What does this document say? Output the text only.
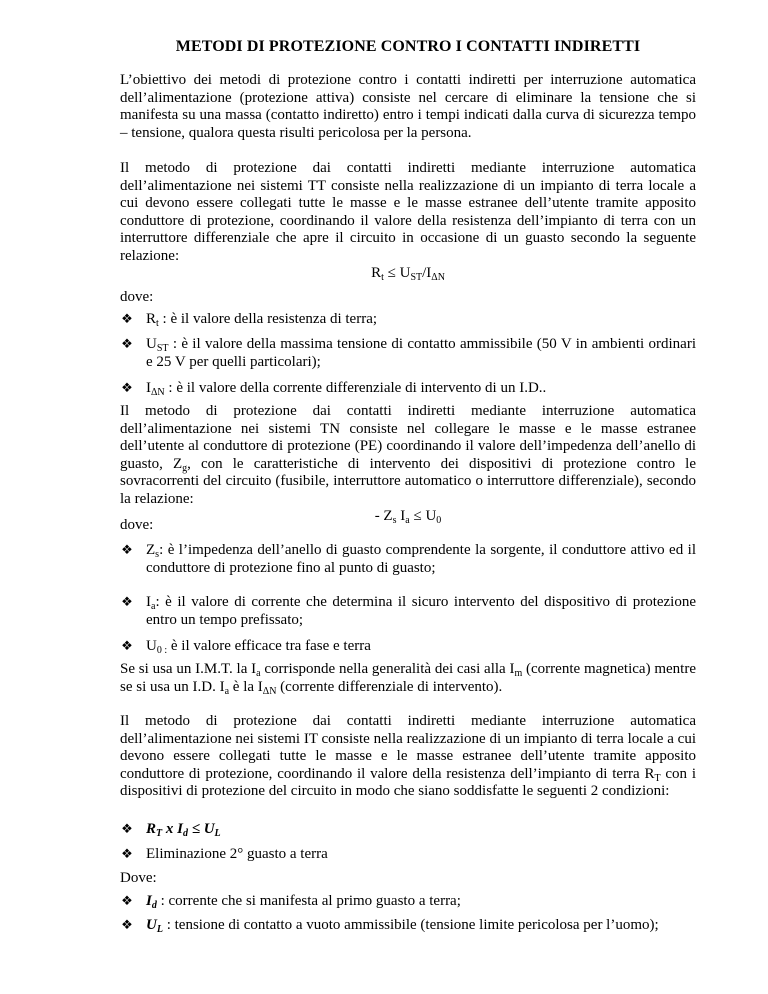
METODI DI PROTEZIONE CONTRO I CONTATTI INDIRETTI

L’obiettivo dei metodi di protezione contro i contatti indiretti per interruzione automatica dell’alimentazione (protezione attiva) consiste nel cercare di eliminare la tensione che si manifesta su una massa (contatto indiretto) entro i tempi indicati dalla curva di sicurezza tempo – tensione, qualora questa risulti pericolosa per la persona.

Il metodo di protezione dai contatti indiretti mediante interruzione automatica dell’alimentazione nei sistemi TT consiste nella realizzazione di un impianto di terra locale a cui devono essere collegati tutte le masse e le masse estranee dell’utente tramite apposito conduttore di protezione, coordinando il valore della resistenza dell’impianto di terra con un interruttore differenziale che apre il circuito in occasione di un guasto secondo la seguente relazione:

$R_t \le U_{ST}/I_{\Delta N}$
dove:
❖ $R_t$ : è il valore della resistenza di terra;
❖ $U_{ST}$ : è il valore della massima tensione di contatto ammissibile (50 V in ambienti ordinari e 25 V per quelli particolari);
❖ $I_{\Delta N}$ : è il valore della corrente differenziale di intervento di un I.D..

Il metodo di protezione dai contatti indiretti mediante interruzione automatica dell’alimentazione nei sistemi TN consiste nel collegare le masse e le masse estranee dell’utente al conduttore di protezione (PE) coordinando il valore dell’impedenza dell’anello di guasto, $Z_g$, con le caratteristiche di intervento dei dispositivi di protezione contro le sovracorrenti del circuito (fusibile, interruttore automatico o interruttore differenziale), secondo la relazione:

- $Z_s$ $I_a \le U_0$
dove:
❖ $Z_s$: è l’impedenza dell’anello di guasto comprendente la sorgente, il conduttore attivo ed il conduttore di protezione fino al punto di guasto;
❖ $I_a$: è il valore di corrente che determina il sicuro intervento del dispositivo di protezione entro un tempo prefissato;
❖ $U_{0 :}$ è il valore efficace tra fase e terra

Se si usa un I.M.T. la $I_a$ corrisponde nella generalità dei casi alla $I_m$ (corrente magnetica) mentre se si usa un I.D. $I_a$ è la $I_{\Delta N}$ (corrente differenziale di intervento).

Il metodo di protezione dai contatti indiretti mediante interruzione automatica dell’alimentazione nei sistemi IT consiste nella realizzazione di un impianto di terra locale a cui devono essere collegati tutte le masse e le masse estranee dell’utente tramite apposito conduttore di protezione, coordinando il valore della resistenza dell’impianto di terra $R_T$ con i dispositivi di protezione del circuito in modo che siano soddisfatte le seguenti 2 condizioni:

❖ $R_T$ x $I_d \le U_L$
❖ Eliminazione 2° guasto a terra
Dove:
❖ $I_d$ : corrente che si manifesta al primo guasto a terra;
❖ $U_L$ : tensione di contatto a vuoto ammissibile (tensione limite pericolosa per l’uomo);
